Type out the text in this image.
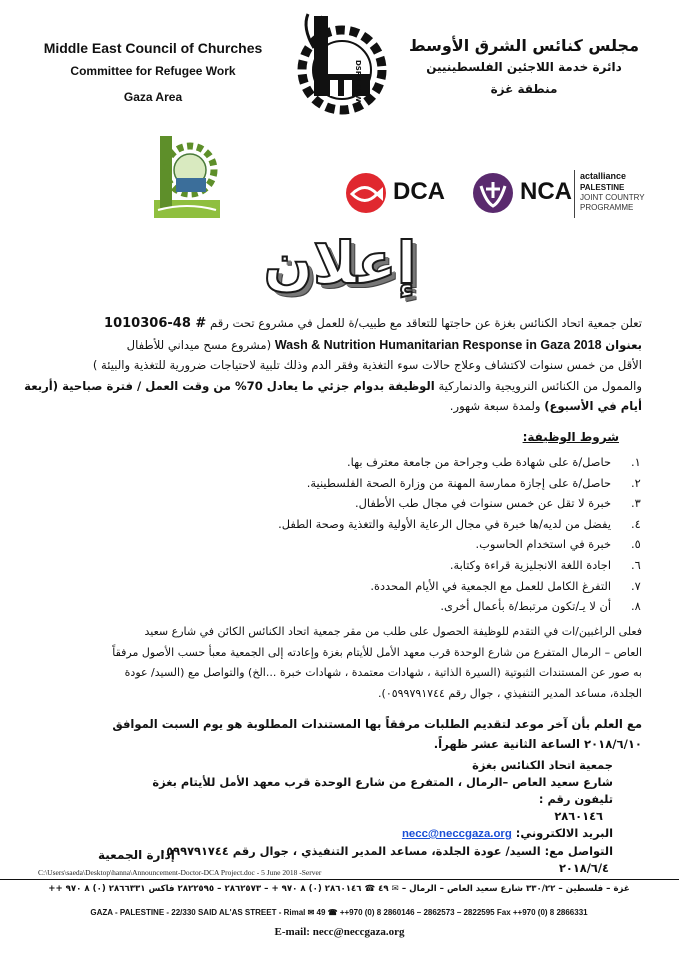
Middle East Council of Churches
Committee for Refugee Work
Gaza Area	DSPR CRW
مجلس كنائس الشرق الأوسط
دائرة خدمة اللاجئين الفلسطينيين
منطقة غزة
DCA	NCA
actalliance
PALESTINE
JOINT COUNTRY
PROGRAMME
إعلان
تعلن جمعية اتحاد الكنائس بغزة عن حاجتها للتعاقد مع طبيب/ة للعمل في مشروع تحت رقم # 48-1010306
بعنوان Wash & Nutrition Humanitarian Response in Gaza 2018 (مشروع مسح ميداني للأطفال
الأقل من خمس سنوات لاكتشاف وعلاج حالات سوء التغذية وفقر الدم وذلك تلبية لاحتياجات ضرورية للتغذية والبيئة )
والممول من الكنائس النرويجية والدنماركية الوظيفة بدوام جزئي ما يعادل 70% من وقت العمل / فترة صباحية (أربعة
أيام في الأسبوع) ولمدة سبعة شهور.
شروط الوظيفة:
١.
حاصل/ة على شهادة طب وجراحة من جامعة معترف بها.
٢.
حاصل/ة على إجازة ممارسة المهنة من وزارة الصحة الفلسطينية.
٣.
خبرة لا تقل عن خمس سنوات في مجال طب الأطفال.
٤.
يفضل من لديه/ها خبرة في مجال الرعاية الأولية والتغذية وصحة الطفل.
٥.
خبرة في استخدام الحاسوب.
٦.
اجادة اللغة الانجليزية قراءة وكتابة.
٧.
التفرغ الكامل للعمل مع الجمعية في الأيام المحددة.
٨.
أن لا يـ/تكون مرتبط/ة بأعمال أخرى.
فعلى الراغبين/ات في التقدم للوظيفة الحصول على طلب من مقر جمعية اتحاد الكنائس الكائن في شارع سعيد
العاص – الرمال المتفرع من شارع الوحدة قرب معهد الأمل للأيتام بغزة وإعادته إلى الجمعية معبأ حسب الأصول مرفقاً
به صور عن المستندات الثبوتية (السيرة الذاتية ، شهادات معتمدة ، شهادات خبرة ...الخ) والتواصل مع (السيد/ عودة
الجلدة، مساعد المدير التنفيذي ، جوال رقم ٠٥٩٩٧٩١٧٤٤).
مع العلم بأن آخر موعد لتقديم الطلبات مرفقاً بها المستندات المطلوبة هو يوم السبت الموافق
٢٠١٨/٦/١٠ الساعة الثانية عشر ظهراً.
جمعية اتحاد الكنائس بغزة
شارع سعيد العاص –الرمال ، المتفرع من شارع الوحدة قرب معهد الأمل للأيتام بغزة
تليفون رقم :
٢٨٦٠١٤٦
البريد الالكتروني: necc@neccgaza.org
التواصل مع: السيد/ عودة الجلدة، مساعد المدير التنفيذي ، جوال رقم ٠٥٩٩٧٩١٧٤٤
٢٠١٨/٦/٤
إدارة الجمعية
C:\Users\saeda\Desktop\hanna\Announcement-Doctor-DCA Project.doc - 5 June 2018 -Server
غزة – فلسطين – ٣٣٠/٢٢ شارع سعيد العاص – الرمال – ✉ ٤٩ ☎ ٢٨٦٠١٤٦ (٠) ٨ ٩٧٠ + – ٢٨٦٢٥٧٣ – ٢٨٢٢٥٩٥ فاكس ٢٨٦٦٣٣١ (٠) ٨ ٩٧٠ ++
GAZA - PALESTINE - 22/330 SAID AL'AS STREET - Rimal ✉ 49 ☎ ++970 (0) 8 2860146 – 2862573 – 2822595 Fax ++970 (0) 8 2866331
E-mail: necc@neccgaza.org
